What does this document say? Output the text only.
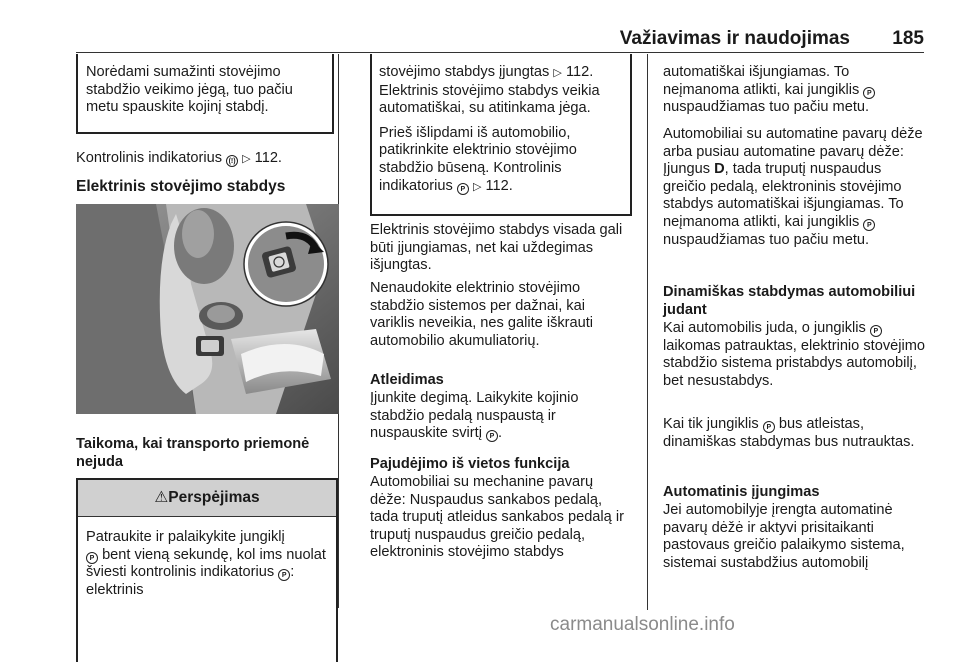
Važiavimas ir naudojimas 185

Norėdami sumažinti stovėjimo stabdžio veikimo jėgą, tuo pačiu metu spauskite kojinį stabdį.

Kontrolinis indikatorius (!) ▷ 112.

Elektrinis stovėjimo stabdys

Taikoma, kai transporto priemonė nejuda

⚠Perspėjimas

Patraukite ir palaikykite jungiklį
P bent vieną sekundę, kol ims nuolat šviesti kontrolinis indikatorius P : elektrinis

stovėjimo stabdys įjungtas ▷ 112. Elektrinis stovėjimo stabdys veikia automatiškai, su atitinkama jėga.

Prieš išlipdami iš automobilio, patikrinkite elektrinio stovėjimo stabdžio būseną. Kontrolinis indikatorius P ▷ 112.

Elektrinis stovėjimo stabdys visada gali būti įjungiamas, net kai uždegimas išjungtas.

Nenaudokite elektrinio stovėjimo stabdžio sistemos per dažnai, kai variklis neveikia, nes galite iškrauti automobilio akumuliatorių.

Atleidimas

Įjunkite degimą. Laikykite kojinio stabdžio pedalą nuspaustą ir nuspauskite svirtį P .

Pajudėjimo iš vietos funkcija

Automobiliai su mechanine pavarų dėže: Nuspaudus sankabos pedalą, tada truputį atleidus sankabos pedalą ir truputį nuspaudus greičio pedalą, elektroninis stovėjimo stabdys

automatiškai išjungiamas. To neįmanoma atlikti, kai jungiklis P nuspaudžiamas tuo pačiu metu.

Automobiliai su automatine pavarų dėže arba pusiau automatine pavarų dėže: Įjungus D, tada truputį nuspaudus greičio pedalą, elektroninis stovėjimo stabdys automatiškai išjungiamas. To neįmanoma atlikti, kai jungiklis P nuspaudžiamas tuo pačiu metu.

Dinamiškas stabdymas automobiliui judant

Kai automobilis juda, o jungiklis P laikomas patrauktas, elektrinio stovėjimo stabdžio sistema pristabdys automobilį, bet nesustabdys.

Kai tik jungiklis P bus atleistas, dinamiškas stabdymas bus nutrauktas.

Automatinis įjungimas

Jei automobilyje įrengta automatinė pavarų dėžė ir aktyvi prisitaikanti pastovaus greičio palaikymo sistema, sistemai sustabdžius automobilį

carmanualsonline.info
